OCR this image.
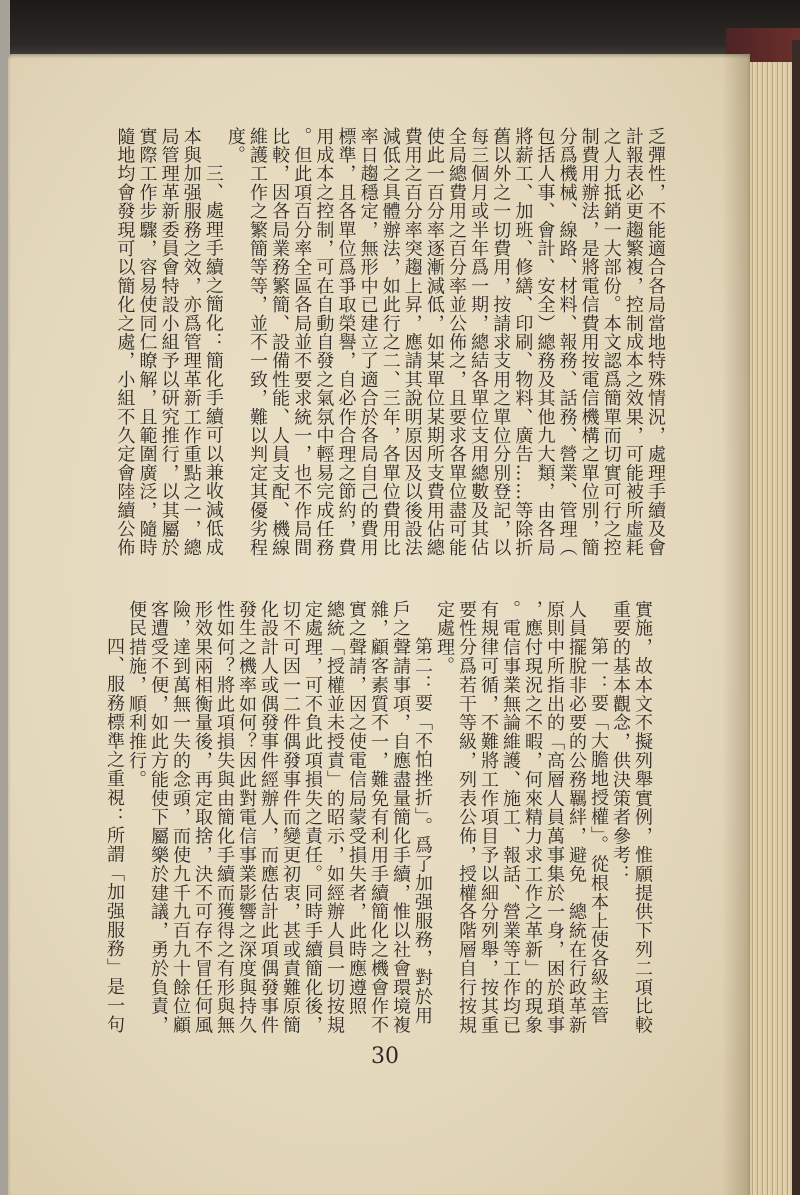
乏彈性，不能適合各局當地特殊情況，處理手續及會
計報表必更趨繁複，控制成本之效果，可能被所虛耗
之人力抵銷一大部份。本文認爲簡單而切實可行之控
制費用辦法，是將電信費用按電信機構之單位別，簡
分爲機械、線路、材料、報務、話務、營業、管理（
包括人事、會計、安全）總務及其他九大類，由各局
將薪工、加班、修繕、印刷、物料、廣告……等除折
舊以外之一切費用，按請求支用之單位分別登記，以
每三個月或半年爲一期，總結各單位支用總數及其佔
全局總費用之百分率並公佈之，且要求各單位盡可能
使此一百分率逐漸減低，如某單位某期所支費用佔總
費用之百分率突趨上昇，應請其說明原因及以後設法
減低之具體辦法，如此行之二、三年，各單位費用比
率日趨穩定，無形中已建立了適合於各局自己的費用
標準，且各單位爲爭取榮譽，自必作合理之節約，費
用成本之控制，可在自動自發之氣氛中輕易完成任務
。但此項百分率全區各局並不要求統一，也不作局間
比較，因各局業務繁簡、設備性能、人員支配、機線
維護工作之繁簡等等，並不一致，難以判定其優劣程
度。
三、處理手續之簡化：簡化手續可以兼收減低成
本與加强服務之效，亦爲管理革新工作重點之一，總
局管理革新委員會特設小組予以研究推行，以其屬於
實際工作步驟，容易使同仁瞭解，且範圍廣泛，隨時
隨地均會發現可以簡化之處，小組不久定會陸續公佈
實施，故本文不擬列舉實例，惟願提供下列二項比較
重要的基本觀念，供決策者參考：
第一：要「大膽地授權」。從根本上使各級主管
人員擺脫非必要的公務羈絆，避免　總統在行政革新
原則中所指出的「高層人員萬事集於一身，困於瑣事
，應付現況之不暇，何來精力求工作之革新」的現象
。電信事業無論維護、施工、報話、營業等工作均已
有規律可循，不難將工作項目予以細分列舉，按其重
要性分爲若干等級，列表公佈，授權各階層自行按規
定處理。
第二：要「不怕挫折」。爲了加强服務，對於用
戶之聲請事項，自應盡量簡化手續，惟以社會環境複
雜，顧客素質不一，難免有利用手續簡化之機會作不
實之聲請，因之使電信局蒙受損失者，此時應遵照
總統「授權並未授責」的昭示，如經辦人員一切按規
定處理，可不負此項損失之責任。同時手續簡化後，
切不可因一二件偶發事件而變更初衷，甚或責難原簡
化設計人或偶發事件經辦人，而應估計此項偶發事件
發生之機率如何？因此對電信事業影響之深度與持久
性如何？將此項損失與由簡化手續而獲得之有形與無
形效果兩相衡量後，再定取捨，決不可存不冒任何風
險，達到萬無一失的念頭，而使九千九百九十餘位顧
客遭受不便，如此方能使下屬樂於建議，勇於負責，
便民措施，順利推行。
四、服務標準之重視：所謂「加强服務」是一句
30
